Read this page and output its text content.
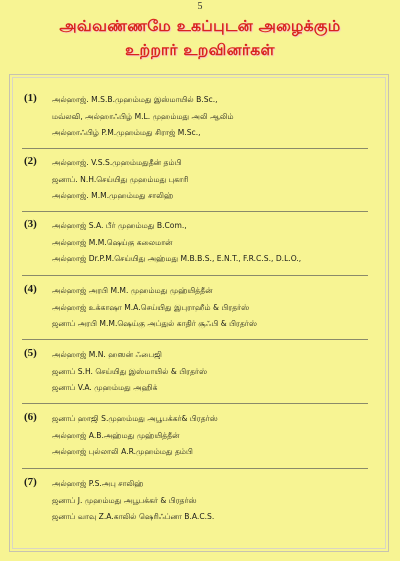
5
அவ்வண்ணமே உகப்புடன் அழைக்கும்
உற்றார் உறவினர்கள்
(1) அல்ஹாஜ். M.S.B.முஹம்மது இஸ்மாயில் B.Sc.,
மவ்லவி, அல்ஹாஃபிழ் M.L. முஹம்மது அலி ஆலிம்
அல்ஹாஃபிழ் P.M.முஹம்மது சிராஜ் M.Sc.,
(2) அல்ஹாஜ். V.S.S.முஹம்மதுதீன் தம்பி
ஜனாப். N.H.செய்யிது முஹம்மது புகாரி
அல்ஹாஜ். M.M.முஹம்மது சாலிஹ்
(3) அல்ஹாஜ் S.A. பீர் முஹம்மது B.Com.,
அல்ஹாஜ் M.M.ஷெய்கு கலைமான்
அல்ஹாஜ் Dr.P.M.செய்யிது அஹ்மது M.B.B.S., E.N.T., F.R.C.S., D.L.O.,
(4) அல்ஹாஜ் அரபி M.M. முஹம்மது முஹ்யித்தீன்
அல்ஹாஜ் உக்காஷா M.A.செய்யிது இபுராஹீம் & பிரதர்ஸ்
ஜனாப் அரபி M.M.ஷெய்கு அப்துல் காதிர் சூஃபி & பிரதர்ஸ்
(5) அல்ஹாஜ் M.N. ஹஸன் ஃபைஜி
ஜனாப் S.H. செய்யிது இஸ்மாயில் & பிரதர்ஸ்
ஜனாப் V.A. முஹம்மது அஹிக்
(6) ஜனாப் ஹாஜி S.முஹம்மது அபூபக்கர்& பிரதர்ஸ்
அல்ஹாஜ் A.B.அஹ்மது முஹ்யித்தீன்
அல்ஹாஜ் புல்லாலி A.R.முஹம்மது தம்பி
(7) அல்ஹாஜ் P.S.அபு சாலிஹ்
ஜனாப் J. முஹம்மது அபூபக்கர் & பிரதர்ஸ்
ஜனாப் வாவு Z.A.காலில் ஷெரிஃப்னா B.A.C.S.
